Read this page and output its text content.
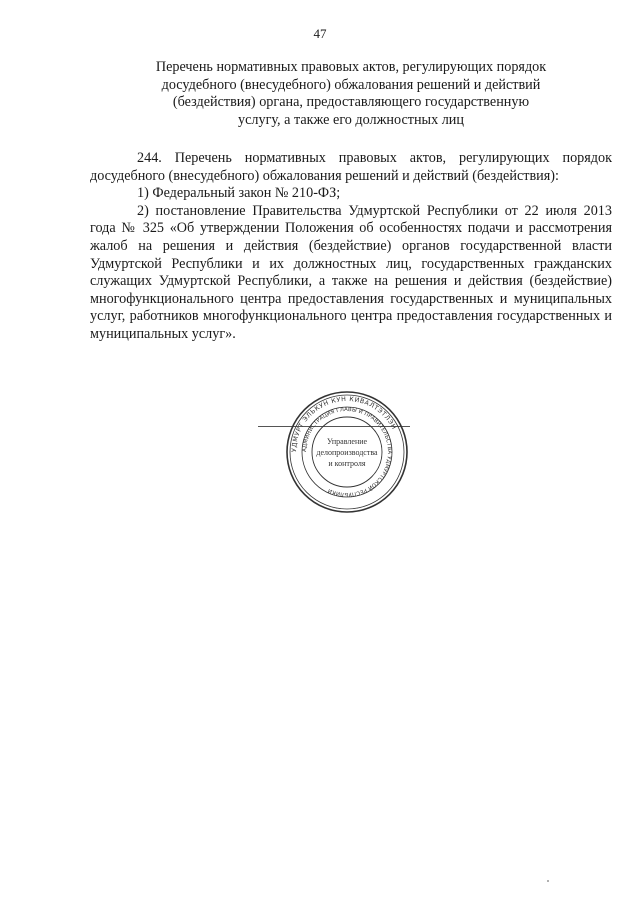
47
Перечень нормативных правовых актов, регулирующих порядок
досудебного (внесудебного) обжалования решений и действий
(бездействия) органа, предоставляющего государственную
услугу, а также его должностных лиц

244. Перечень нормативных правовых актов, регулирующих порядок досудебного (внесудебного) обжалования решений и действий (бездействия):

1) Федеральный закон № 210-ФЗ;

2) постановление Правительства Удмуртской Республики от 22 июля 2013 года № 325 «Об утверждении Положения об особенностях подачи и рассмотрения жалоб на решения и действия (бездействие) органов государственной власти Удмуртской Республики и их должностных лиц, государственных гражданских служащих Удмуртской Республики, а также на решения и действия (бездействие) многофункционального центра предоставления государственных и муниципальных услуг, работников многофункционального центра предоставления государственных и муниципальных услуг».

УДМУРТ ЭЛЬКУН КУН КИВАЛТЭТЛЭН
АДМИНИСТРАЦИЯ ГЛАВЫ И ПРАВИТЕЛЬСТВА УДМУРТСКОЙ РЕСПУБЛИКИ
Управление
делопроизводства
и контроля
